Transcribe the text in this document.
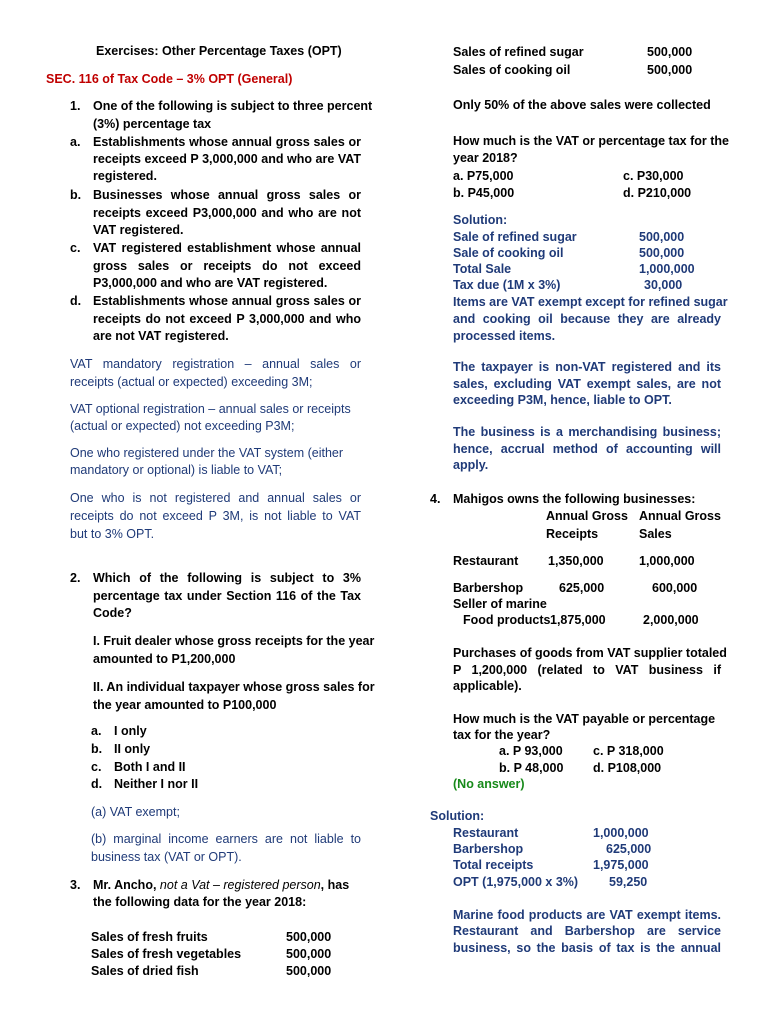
Exercises: Other Percentage Taxes (OPT)
SEC. 116 of Tax Code – 3% OPT (General)
1. One of the following is subject to three percent
(3%) percentage tax
a. Establishments whose annual gross sales or
receipts exceed P 3,000,000 and who are VAT
registered.
b. Businesses whose annual gross sales or
receipts exceed P3,000,000 and who are not
VAT registered.
c. VAT registered establishment whose annual
gross sales or receipts do not exceed
P3,000,000 and who are VAT registered.
d. Establishments whose annual gross sales or
receipts do not exceed P 3,000,000 and who
are not VAT registered.
VAT mandatory registration – annual sales or
receipts (actual or expected) exceeding 3M;
VAT optional registration – annual sales or receipts
(actual or expected) not exceeding P3M;
One who registered under the VAT system (either
mandatory or optional) is liable to VAT;
One who is not registered and annual sales or
receipts do not exceed P 3M, is not liable to VAT
but to 3% OPT.
2. Which of the following is subject to 3%
percentage tax under Section 116 of the Tax
Code?
I. Fruit dealer whose gross receipts for the year
amounted to P1,200,000
II. An individual taxpayer whose gross sales for
the year amounted to P100,000
a. I only
b. II only
c. Both I and II
d. Neither I nor II
(a) VAT exempt;
(b) marginal income earners are not liable to
business tax (VAT or OPT).
3. Mr. Ancho, not a Vat – registered person, has
the following data for the year 2018:
Sales of fresh fruits	500,000
Sales of fresh vegetables	500,000
Sales of dried fish	500,000
Sales of refined sugar	500,000
Sales of cooking oil	500,000
Only 50% of the above sales were collected
How much is the VAT or percentage tax for the
year 2018?
a. P75,000	c. P30,000
b. P45,000	d. P210,000
Solution:
Sale of refined sugar	500,000
Sale of cooking oil	500,000
Total Sale	1,000,000
Tax due (1M x 3%)	30,000
Items are VAT exempt except for refined sugar
and cooking oil because they are already
processed items.
The taxpayer is non-VAT registered and its
sales, excluding VAT exempt sales, are not
exceeding P3M, hence, liable to OPT.
The business is a merchandising business;
hence, accrual method of accounting will
apply.
4. Mahigos owns the following businesses:
Annual Gross Annual Gross
Receipts	Sales
Restaurant 1,350,000	1,000,000
Barbershop	625,000	600,000
Seller of marine
Food products 1,875,000	2,000,000
Purchases of goods from VAT supplier totaled
P 1,200,000 (related to VAT business if
applicable).
How much is the VAT payable or percentage
tax for the year?
a. P 93,000 c. P 318,000
b. P 48,000 d. P108,000
(No answer)
Solution:
Restaurant	1,000,000
Barbershop	625,000
Total receipts	1,975,000
OPT (1,975,000 x 3%) 59,250
Marine food products are VAT exempt items.
Restaurant and Barbershop are service
business, so the basis of tax is the annual
